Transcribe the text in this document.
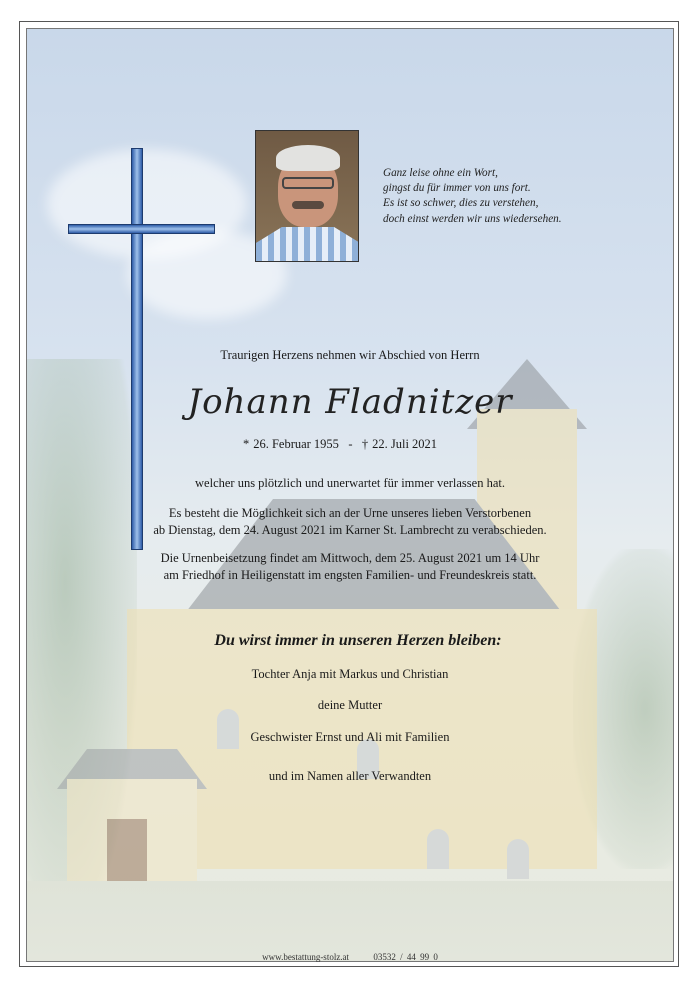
Ganz leise ohne ein Wort,
gingst du für immer von uns fort.
Es ist so schwer, dies zu verstehen,
doch einst werden wir uns wiedersehen.
Traurigen Herzens nehmen wir Abschied von Herrn
Johann Fladnitzer
* 26. Februar 1955 - † 22. Juli 2021
welcher uns plötzlich und unerwartet für immer verlassen hat.
Es besteht die Möglichkeit sich an der Urne unseres lieben Verstorbenen
ab Dienstag, dem 24. August 2021 im Karner St. Lambrecht zu verabschieden.
Die Urnenbeisetzung findet am Mittwoch, dem 25. August 2021 um 14 Uhr
am Friedhof in Heiligenstatt im engsten Familien- und Freundeskreis statt.
Du wirst immer in unseren Herzen bleiben:
Tochter Anja mit Markus und Christian
deine Mutter
Geschwister Ernst und Ali mit Familien
und im Namen aller Verwandten
www.bestattung-stolz.at	03532 / 44 99 0
